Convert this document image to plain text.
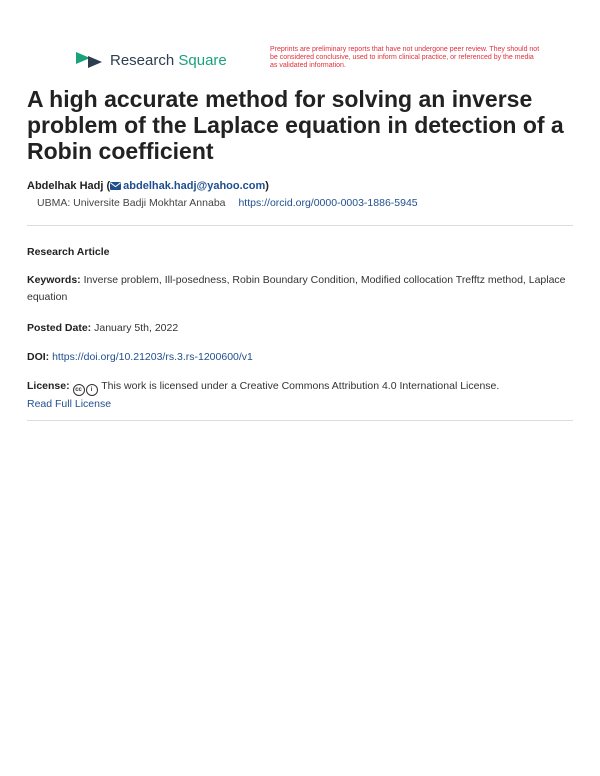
Research Square
Preprints are preliminary reports that have not undergone peer review. They should not be considered conclusive, used to inform clinical practice, or referenced by the media as validated information.
A high accurate method for solving an inverse problem of the Laplace equation in detection of a Robin coefficient
Abdelhak Hadj ( abdelhak.hadj@yahoo.com)
UBMA: Universite Badji Mokhtar Annaba https://orcid.org/0000-0003-1886-5945
Research Article
Keywords: Inverse problem, Ill-posedness, Robin Boundary Condition, Modified collocation Trefftz method, Laplace equation
Posted Date: January 5th, 2022
DOI: https://doi.org/10.21203/rs.3.rs-1200600/v1
License: cc i This work is licensed under a Creative Commons Attribution 4.0 International License.
Read Full License
